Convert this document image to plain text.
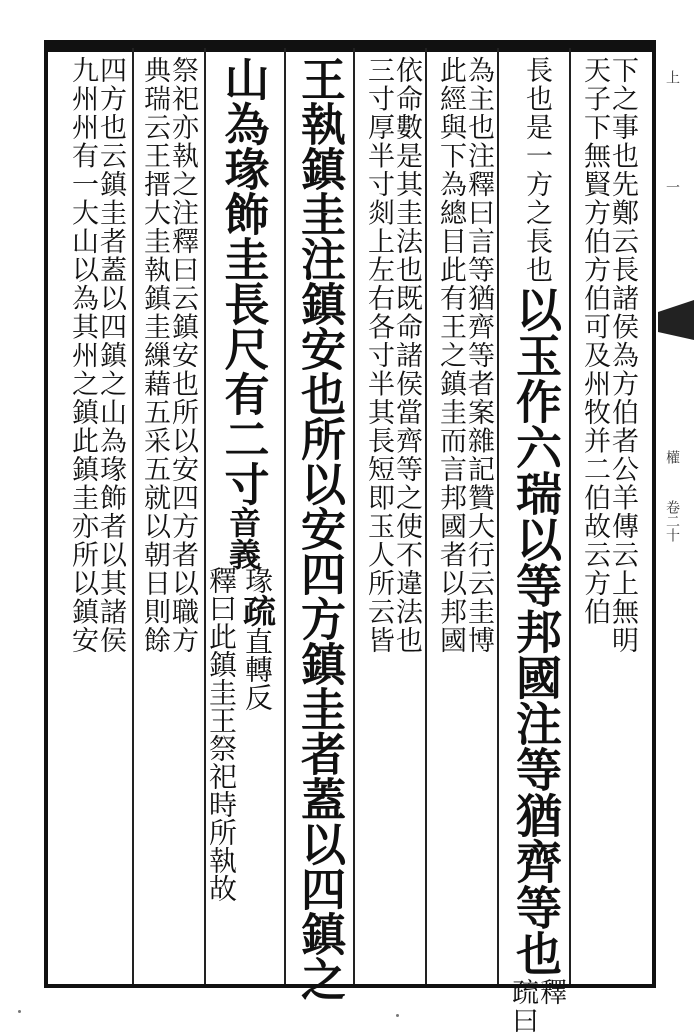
下之事也先鄭云長諸侯為方伯者公羊傳云上無明
天子下無賢方伯方伯可及州牧并二伯故云方伯
長也是一方之長也
以玉作六瑞以等邦國注等猶齊等也
釋
疏曰
為主也注釋曰言等猶齊等者案雜記贊大行云圭博
此經與下為總目此有王之鎮圭而言邦國者以邦國
依命數是其圭法也既命諸侯當齊等之使不違法也
三寸厚半寸剡上左右各寸半其長短即玉人所云皆
王執鎮圭注鎮安也所以安四方鎮圭者蓋以四鎮之
山為瑑飾圭長尺有二寸
音義
瑑
疏
直轉反
釋曰此鎮圭王祭祀時所執故
祭祀亦執之注釋曰云鎮安也所以安四方者以職方
典瑞云王搢大圭執鎮圭繅藉五采五就以朝日則餘
四方也云鎮圭者蓋以四鎮之山為瑑飾者以其諸侯
九州州有一大山以為其州之鎮此鎮圭亦所以鎮安	上
一
權
卷二十
